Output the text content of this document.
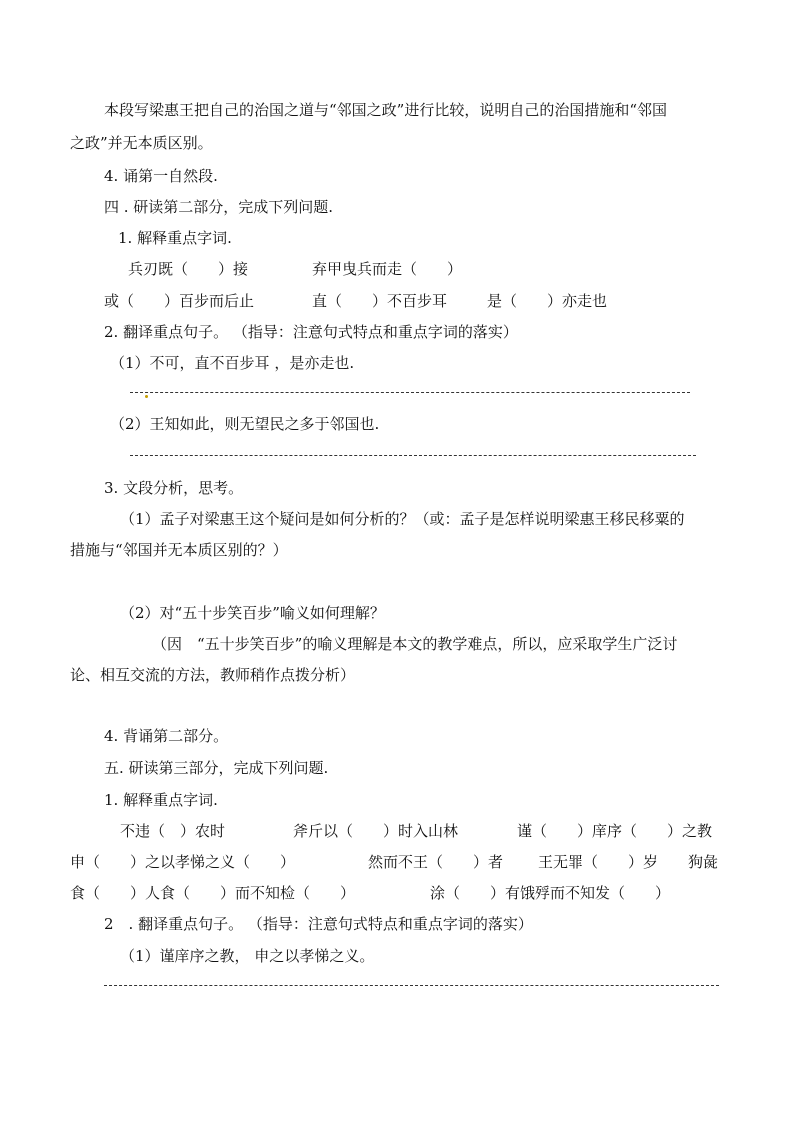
本段写梁惠王把自己的治国之道与“邻国之政”进行比较，说明自己的治国措施和“邻国
之政”并无本质区别。
4. 诵第一自然段.
四 . 研读第二部分，完成下列问题.
1. 解释重点字词.
兵刃既（　　）接	弃甲曳兵而走（　　）
或（　　）百步而后止	直（　　）不百步耳	是（　　）亦走也
2. 翻译重点句子。 （指导：注意句式特点和重点字词的落实）
（1）不可，直不百步耳 ，是亦走也.
（2）王知如此，则无望民之多于邻国也.
3. 文段分析，思考。
（1）孟子对梁惠王这个疑问是如何分析的？（或：孟子是怎样说明梁惠王移民移粟的
措施与“邻国并无本质区别的？）
（2）对“五十步笑百步”喻义如何理解？
（因　“五十步笑百步”的喻义理解是本文的教学难点，所以，应采取学生广泛讨
论、相互交流的方法，教师稍作点拨分析）
4. 背诵第二部分。
五. 研读第三部分，完成下列问题.
1. 解释重点字词.
不违（　）农时	斧斤以（　　）时入山林	谨（　　）庠序（　　）之教
申（　　）之以孝悌之义（　　）	然而不王（　　）者 王无罪（　　）岁 狗彘
食（　　）人食（　　）而不知检（　　）	涂（　　）有饿殍而不知发（　　）
2　. 翻译重点句子。 （指导：注意句式特点和重点字词的落实）
（1）谨庠序之教， 申之以孝悌之义。
